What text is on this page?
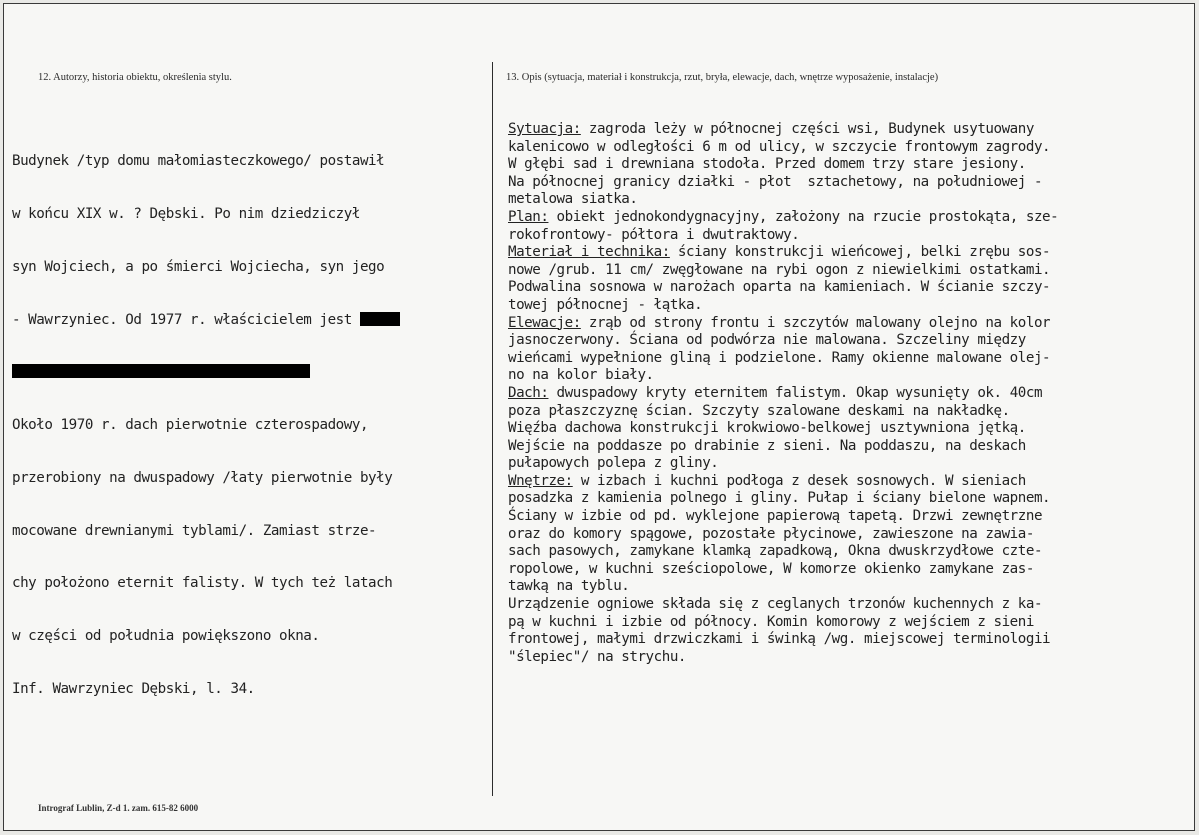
12. Autorzy, historia obiektu, określenia stylu.	13. Opis (sytuacja, materiał i konstrukcja, rzut, bryła, elewacje, dach, wnętrze wyposażenie, instalacje)

Budynek /typ domu małomiasteczkowego/ postawił

w końcu XIX w. ? Dębski. Po nim dziedziczył

syn Wojciech, a po śmierci Wojciecha, syn jego

- Wawrzyniec. Od 1977 r. właścicielem jest

Około 1970 r. dach pierwotnie czterospadowy,

przerobiony na dwuspadowy /łaty pierwotnie były

mocowane drewnianymi tyblami/. Zamiast strze-

chy położono eternit falisty. W tych też latach

w części od południa powiększono okna.

Inf. Wawrzyniec Dębski, l. 34.

Sytuacja: zagroda leży w północnej części wsi, Budynek usytuowany
kalenicowo w odległości 6 m od ulicy, w szczycie frontowym zagrody.
W głębi sad i drewniana stodoła. Przed domem trzy stare jesiony.
Na północnej granicy działki - płot  sztachetowy, na południowej -
metalowa siatka.
Plan: obiekt jednokondygnacyjny, założony na rzucie prostokąta, sze-
rokofrontowy- półtora i dwutraktowy.
Materiał i technika: ściany konstrukcji wieńcowej, belki zrębu sos-
nowe /grub. 11 cm/ zwęgłowane na rybi ogon z niewielkimi ostatkami.
Podwalina sosnowa w narożach oparta na kamieniach. W ścianie szczy-
towej północnej - łątka.
Elewacje: zrąb od strony frontu i szczytów malowany olejno na kolor
jasnoczerwony. Ściana od podwórza nie malowana. Szczeliny między
wieńcami wypełnione gliną i podzielone. Ramy okienne malowane olej-
no na kolor biały.
Dach: dwuspadowy kryty eternitem falistym. Okap wysunięty ok. 40cm
poza płaszczyznę ścian. Szczyty szalowane deskami na nakładkę.
Więźba dachowa konstrukcji krokwiowo-belkowej usztywniona jętką.
Wejście na poddasze po drabinie z sieni. Na poddaszu, na deskach
pułapowych polepa z gliny.
Wnętrze: w izbach i kuchni podłoga z desek sosnowych. W sieniach
posadzka z kamienia polnego i gliny. Pułap i ściany bielone wapnem.
Ściany w izbie od pd. wyklejone papierową tapetą. Drzwi zewnętrzne
oraz do komory spągowe, pozostałe płycinowe, zawieszone na zawia-
sach pasowych, zamykane klamką zapadkową, Okna dwuskrzydłowe czte-
ropolowe, w kuchni sześciopolowe, W komorze okienko zamykane zas-
tawką na tyblu.
Urządzenie ogniowe składa się z ceglanych trzonów kuchennych z ka-
pą w kuchni i izbie od północy. Komin komorowy z wejściem z sieni
frontowej, małymi drzwiczkami i świnką /wg. miejscowej terminologii
"ślepiec"/ na strychu.
Intrograf Lublin, Z-d 1. zam. 615-82 6000
